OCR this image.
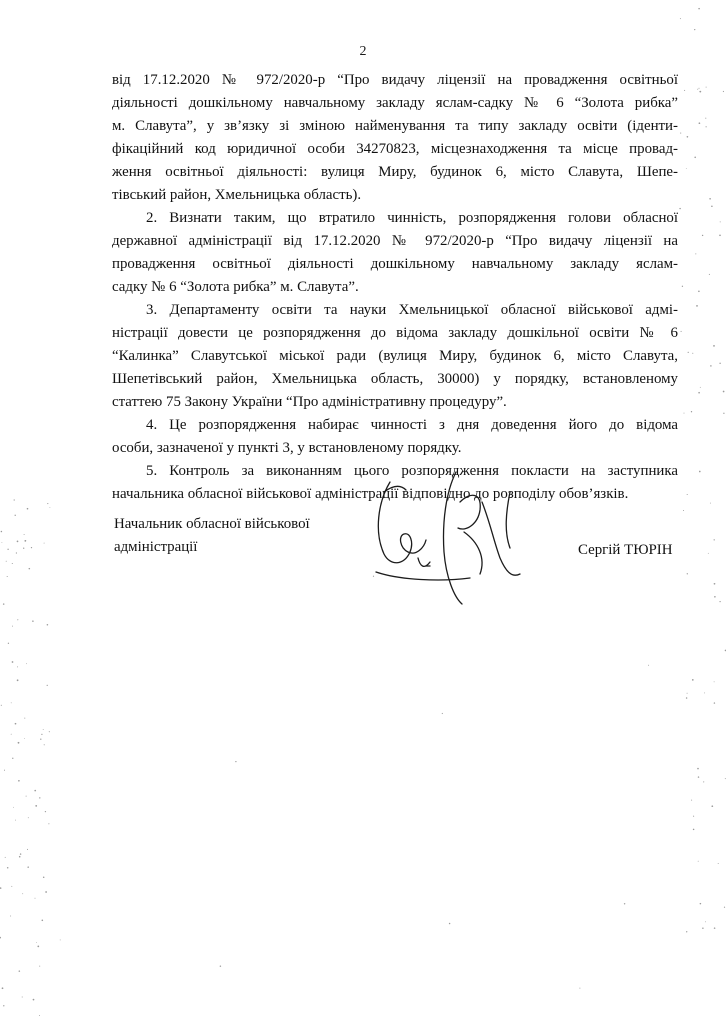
2

від 17.12.2020 № 972/2020-р “Про видачу ліцензії на провадження освітньої

діяльності дошкільному навчальному закладу яслам-садку № 6 “Золота рибка”

м. Славута”, у зв’язку зі зміною найменування та типу закладу освіти (іденти-

фікаційний код юридичної особи 34270823, місцезнаходження та місце провад-

ження освітньої діяльності: вулиця Миру, будинок 6, місто Славута, Шепе-

тівський район, Хмельницька область).

2. Визнати таким, що втратило чинність, розпорядження голови обласної

державної адміністрації від 17.12.2020 № 972/2020-р “Про видачу ліцензії на

провадження освітньої діяльності дошкільному навчальному закладу яслам-

садку № 6 “Золота рибка” м. Славута”.

3. Департаменту освіти та науки Хмельницької обласної військової адмі-

ністрації довести це розпорядження до відома закладу дошкільної освіти № 6

“Калинка” Славутської міської ради (вулиця Миру, будинок 6, місто Славута,

Шепетівський район, Хмельницька область, 30000) у порядку, встановленому

статтею 75 Закону України “Про адміністративну процедуру”.

4. Це розпорядження набирає чинності з дня доведення його до відома

особи, зазначеної у пункті 3, у встановленому порядку.

5. Контроль за виконанням цього розпорядження покласти на заступника

начальника обласної військової адміністрації відповідно до розподілу обов’язків.

Начальник обласної військової

адміністрації	Сергій ТЮРІН
